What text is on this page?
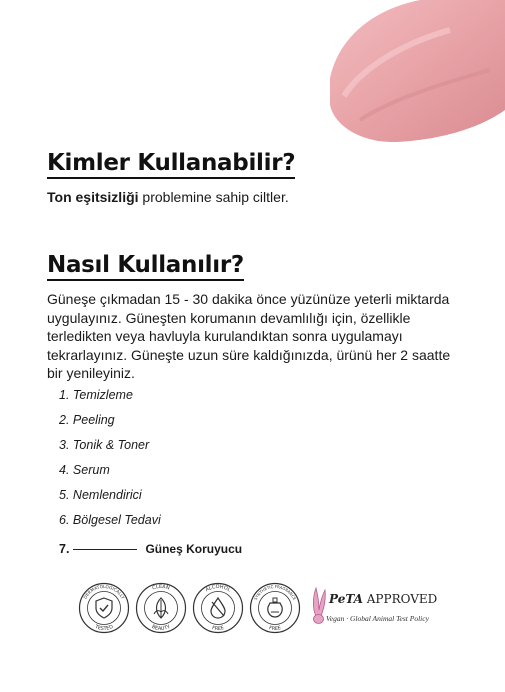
Kimler Kullanabilir?
Ton eşitsizliği problemine sahip ciltler.
Nasıl Kullanılır?
Güneşe çıkmadan 15 - 30 dakika önce yüzünüze yeterli miktarda uygulayınız. Güneşten korumanın devamlılığı için, özellikle terledikten veya havluyla kurulandıktan sonra uygulamayı tekrarlayınız. Güneşte uzun süre kaldığınızda, ürünü her 2 saatte bir yenileyiniz.
1. Temizleme
2. Peeling
3. Tonik & Toner
4. Serum
5. Nemlendirici
6. Bölgesel Tedavi
7.	Güneş Koruyucu
DERMATOLOGICALLY
TESTED
CLEAN
BEAUTY
ALCOHOL
FREE
SYNTHETIC FRAGRANCE
FREE
PeTA APPROVED
Vegan · Global Animal Test Policy
